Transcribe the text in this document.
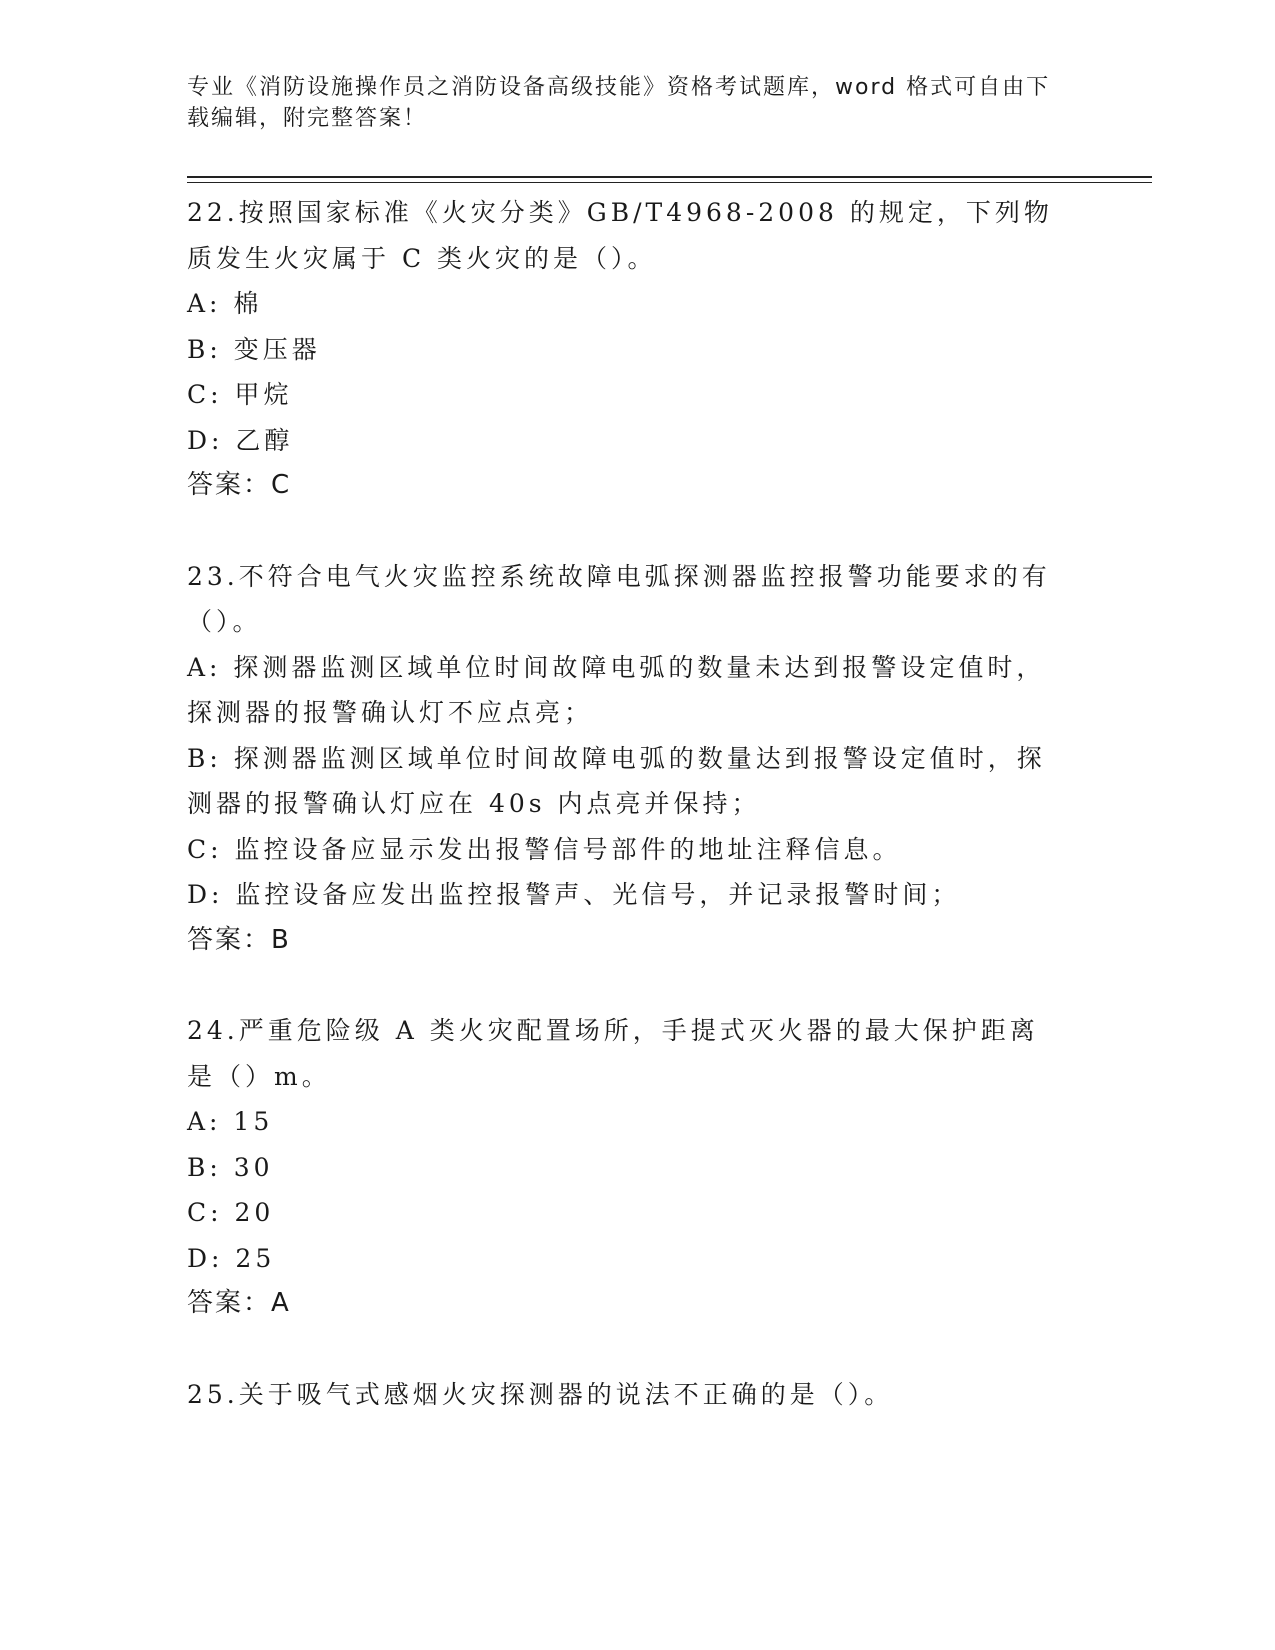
专业《消防设施操作员之消防设备高级技能》资格考试题库，word 格式可自由下载编辑，附完整答案！

22.按照国家标准《火灾分类》GB/T4968-2008 的规定，下列物质发生火灾属于 C 类火灾的是（）。

A: 棉

B: 变压器

C: 甲烷

D: 乙醇

答案：C

23.不符合电气火灾监控系统故障电弧探测器监控报警功能要求的有（）。

A: 探测器监测区域单位时间故障电弧的数量未达到报警设定值时，探测器的报警确认灯不应点亮；

B: 探测器监测区域单位时间故障电弧的数量达到报警设定值时，探测器的报警确认灯应在 40s 内点亮并保持；

C: 监控设备应显示发出报警信号部件的地址注释信息。

D: 监控设备应发出监控报警声、光信号，并记录报警时间；

答案：B

24.严重危险级 A 类火灾配置场所，手提式灭火器的最大保护距离是（）m。

A: 15

B: 30

C: 20

D: 25

答案：A

25.关于吸气式感烟火灾探测器的说法不正确的是（）。
